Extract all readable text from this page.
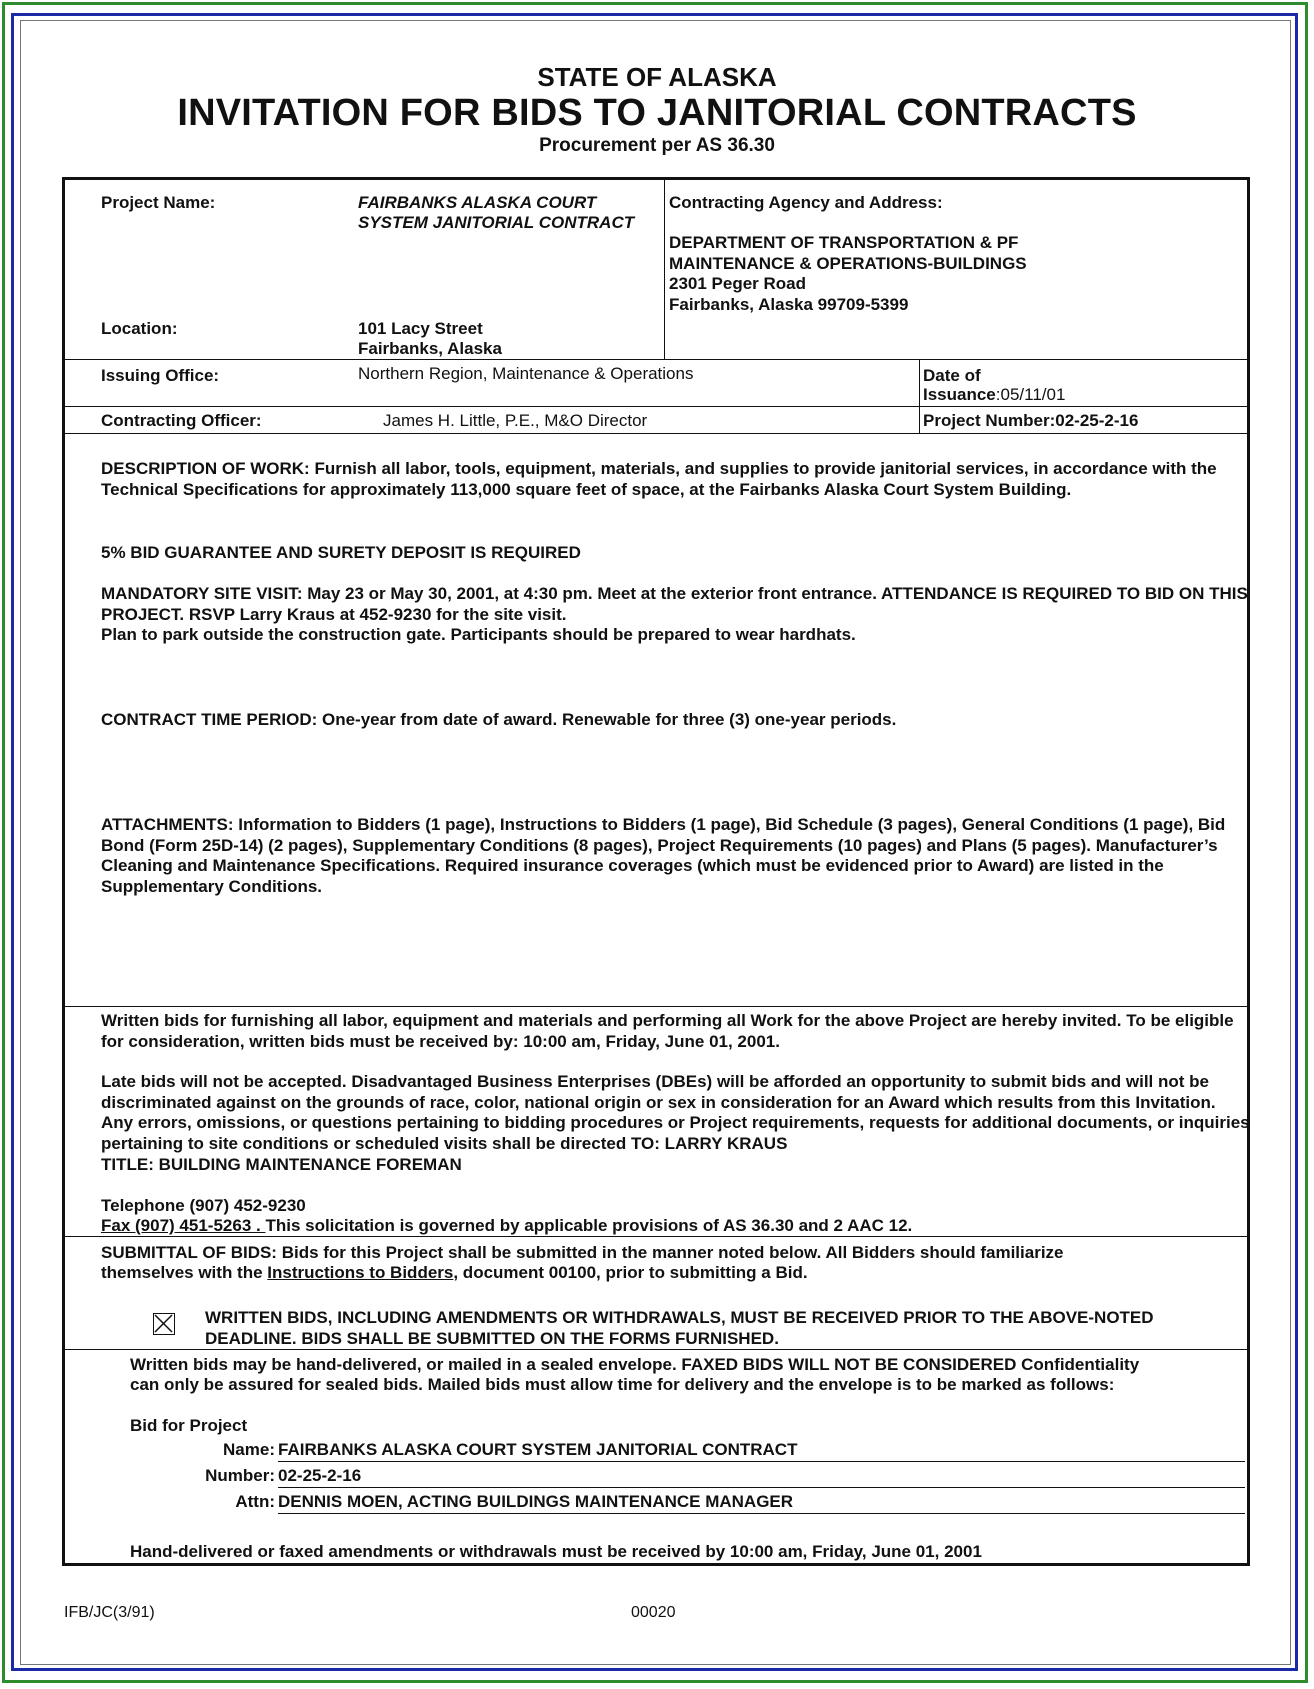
STATE OF ALASKA
INVITATION FOR BIDS TO JANITORIAL CONTRACTS
Procurement per AS 36.30
Project Name:	FAIRBANKS ALASKA COURT
SYSTEM JANITORIAL CONTRACT
Location:	101 Lacy Street
Fairbanks, Alaska
Contracting Agency and Address:
DEPARTMENT OF TRANSPORTATION & PF
MAINTENANCE & OPERATIONS-BUILDINGS
2301 Peger Road
Fairbanks, Alaska 99709-5399
Issuing Office:	Northern Region, Maintenance & Operations	Date of
Issuance:05/11/01
Contracting Officer:	James H. Little, P.E., M&O Director	Project Number:02-25-2-16
DESCRIPTION OF WORK: Furnish all labor, tools, equipment, materials, and supplies to provide janitorial services, in accordance with the Technical Specifications for approximately 113,000 square feet of space, at the Fairbanks Alaska Court System Building.
5% BID GUARANTEE AND SURETY DEPOSIT IS REQUIRED
MANDATORY SITE VISIT: May 23 or May 30, 2001, at 4:30 pm. Meet at the exterior front entrance. ATTENDANCE IS REQUIRED TO BID ON THIS PROJECT. RSVP Larry Kraus at 452-9230 for the site visit.
Plan to park outside the construction gate. Participants should be prepared to wear hardhats.
CONTRACT TIME PERIOD: One-year from date of award. Renewable for three (3) one-year periods.
ATTACHMENTS: Information to Bidders (1 page), Instructions to Bidders (1 page), Bid Schedule (3 pages), General Conditions (1 page), Bid Bond (Form 25D-14) (2 pages), Supplementary Conditions (8 pages), Project Requirements (10 pages) and Plans (5 pages). Manufacturer’s Cleaning and Maintenance Specifications. Required insurance coverages (which must be evidenced prior to Award) are listed in the Supplementary Conditions.
Written bids for furnishing all labor, equipment and materials and performing all Work for the above Project are hereby invited. To be eligible for consideration, written bids must be received by: 10:00 am, Friday, June 01, 2001.
Late bids will not be accepted. Disadvantaged Business Enterprises (DBEs) will be afforded an opportunity to submit bids and will not be discriminated against on the grounds of race, color, national origin or sex in consideration for an Award which results from this Invitation. Any errors, omissions, or questions pertaining to bidding procedures or Project requirements, requests for additional documents, or inquiries pertaining to site conditions or scheduled visits shall be directed TO: LARRY KRAUS
TITLE: BUILDING MAINTENANCE FOREMAN
Telephone (907) 452-9230
Fax (907) 451-5263 . This solicitation is governed by applicable provisions of AS 36.30 and 2 AAC 12.
SUBMITTAL OF BIDS: Bids for this Project shall be submitted in the manner noted below. All Bidders should familiarize
themselves with the Instructions to Bidders, document 00100, prior to submitting a Bid.
WRITTEN BIDS, INCLUDING AMENDMENTS OR WITHDRAWALS, MUST BE RECEIVED PRIOR TO THE ABOVE-NOTED
DEADLINE. BIDS SHALL BE SUBMITTED ON THE FORMS FURNISHED.
Written bids may be hand-delivered, or mailed in a sealed envelope. FAXED BIDS WILL NOT BE CONSIDERED Confidentiality
can only be assured for sealed bids. Mailed bids must allow time for delivery and the envelope is to be marked as follows:
Bid for Project
Name: FAIRBANKS ALASKA COURT SYSTEM JANITORIAL CONTRACT
Number: 02-25-2-16
Attn: DENNIS MOEN, ACTING BUILDINGS MAINTENANCE MANAGER
Hand-delivered or faxed amendments or withdrawals must be received by 10:00 am, Friday, June 01, 2001
IFB/JC(3/91)	00020
